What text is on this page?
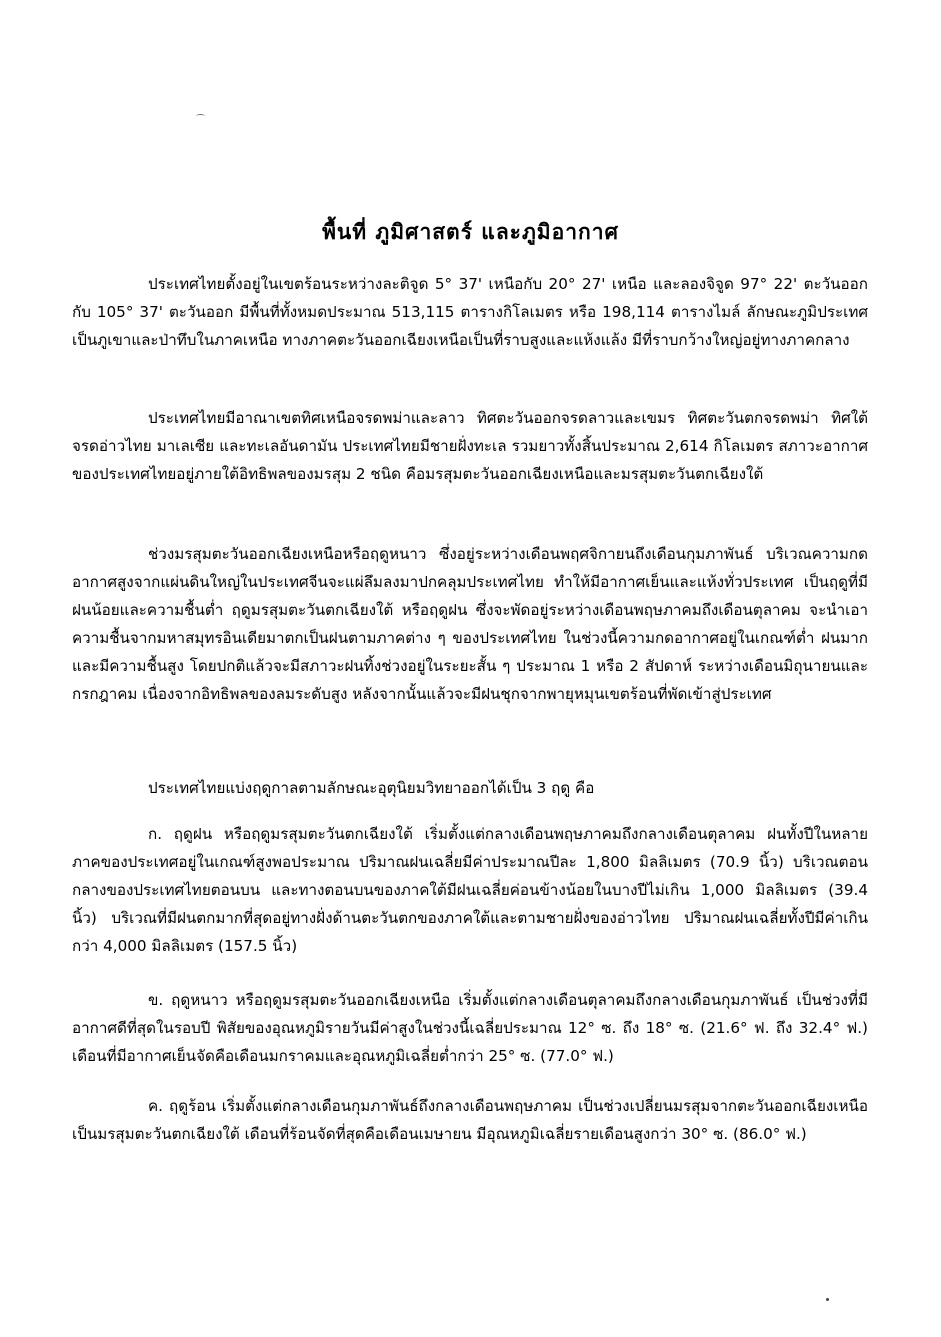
พื้นที่ ภูมิศาสตร์ และภูมิอากาศ

ประเทศไทยตั้งอยู่ในเขตร้อนระหว่างละติจูด 5° 37' เหนือกับ 20° 27' เหนือ และลองจิจูด 97° 22' ตะวันออก กับ 105° 37' ตะวันออก มีพื้นที่ทั้งหมดประมาณ 513,115 ตารางกิโลเมตร หรือ 198,114 ตารางไมล์ ลักษณะภูมิประเทศเป็นภูเขาและป่าทึบในภาคเหนือ ทางภาคตะวันออกเฉียงเหนือเป็นที่ราบสูงและแห้งแล้ง มีที่ราบกว้างใหญ่อยู่ทางภาคกลาง

ประเทศไทยมีอาณาเขตทิศเหนือจรดพม่าและลาว ทิศตะวันออกจรดลาวและเขมร ทิศตะวันตกจรดพม่า ทิศใต้จรดอ่าวไทย มาเลเซีย และทะเลอันดามัน ประเทศไทยมีชายฝั่งทะเล รวมยาวทั้งสิ้นประมาณ 2,614 กิโลเมตร สภาวะอากาศของประเทศไทยอยู่ภายใต้อิทธิพลของมรสุม 2 ชนิด คือมรสุมตะวันออกเฉียงเหนือและมรสุมตะวันตกเฉียงใต้

ช่วงมรสุมตะวันออกเฉียงเหนือหรือฤดูหนาว ซึ่งอยู่ระหว่างเดือนพฤศจิกายนถึงเดือนกุมภาพันธ์ บริเวณความกดอากาศสูงจากแผ่นดินใหญ่ในประเทศจีนจะแผ่ลึมลงมาปกคลุมประเทศไทย ทำให้มีอากาศเย็นและแห้งทั่วประเทศ เป็นฤดูที่มีฝนน้อยและความชื้นต่ำ ฤดูมรสุมตะวันตกเฉียงใต้ หรือฤดูฝน ซึ่งจะพัดอยู่ระหว่างเดือนพฤษภาคมถึงเดือนตุลาคม จะนำเอาความชื้นจากมหาสมุทรอินเดียมาตกเป็นฝนตามภาคต่าง ๆ ของประเทศไทย ในช่วงนี้ความกดอากาศอยู่ในเกณฑ์ต่ำ ฝนมากและมีความชื้นสูง โดยปกติแล้วจะมีสภาวะฝนทิ้งช่วงอยู่ในระยะสั้น ๆ ประมาณ 1 หรือ 2 สัปดาห์ ระหว่างเดือนมิถุนายนและกรกฎาคม เนื่องจากอิทธิพลของลมระดับสูง หลังจากนั้นแล้วจะมีฝนชุกจากพายุหมุนเขตร้อนที่พัดเข้าสู่ประเทศ

ประเทศไทยแบ่งฤดูกาลตามลักษณะอุตุนิยมวิทยาออกได้เป็น 3 ฤดู คือ

ก. ฤดูฝน หรือฤดูมรสุมตะวันตกเฉียงใต้ เริ่มตั้งแต่กลางเดือนพฤษภาคมถึงกลางเดือนตุลาคม ฝนทั้งปีในหลายภาคของประเทศอยู่ในเกณฑ์สูงพอประมาณ ปริมาณฝนเฉลี่ยมีค่าประมาณปีละ 1,800 มิลลิเมตร (70.9 นิ้ว) บริเวณตอนกลางของประเทศไทยตอนบน และทางตอนบนของภาคใต้มีฝนเฉลี่ยค่อนข้างน้อยในบางปีไม่เกิน 1,000 มิลลิเมตร (39.4 นิ้ว) บริเวณที่มีฝนตกมากที่สุดอยู่ทางฝั่งด้านตะวันตกของภาคใต้และตามชายฝั่งของอ่าวไทย ปริมาณฝนเฉลี่ยทั้งปีมีค่าเกินกว่า 4,000 มิลลิเมตร (157.5 นิ้ว)

ข. ฤดูหนาว หรือฤดูมรสุมตะวันออกเฉียงเหนือ เริ่มตั้งแต่กลางเดือนตุลาคมถึงกลางเดือนกุมภาพันธ์ เป็นช่วงที่มีอากาศดีที่สุดในรอบปี พิสัยของอุณหภูมิรายวันมีค่าสูงในช่วงนี้เฉลี่ยประมาณ 12° ซ. ถึง 18° ซ. (21.6° ฟ. ถึง 32.4° ฟ.) เดือนที่มีอากาศเย็นจัดคือเดือนมกราคมและอุณหภูมิเฉลี่ยต่ำกว่า 25° ซ. (77.0° ฟ.)

ค. ฤดูร้อน เริ่มตั้งแต่กลางเดือนกุมภาพันธ์ถึงกลางเดือนพฤษภาคม เป็นช่วงเปลี่ยนมรสุมจากตะวันออกเฉียงเหนือเป็นมรสุมตะวันตกเฉียงใต้ เดือนที่ร้อนจัดที่สุดคือเดือนเมษายน มีอุณหภูมิเฉลี่ยรายเดือนสูงกว่า 30° ซ. (86.0° ฟ.)
